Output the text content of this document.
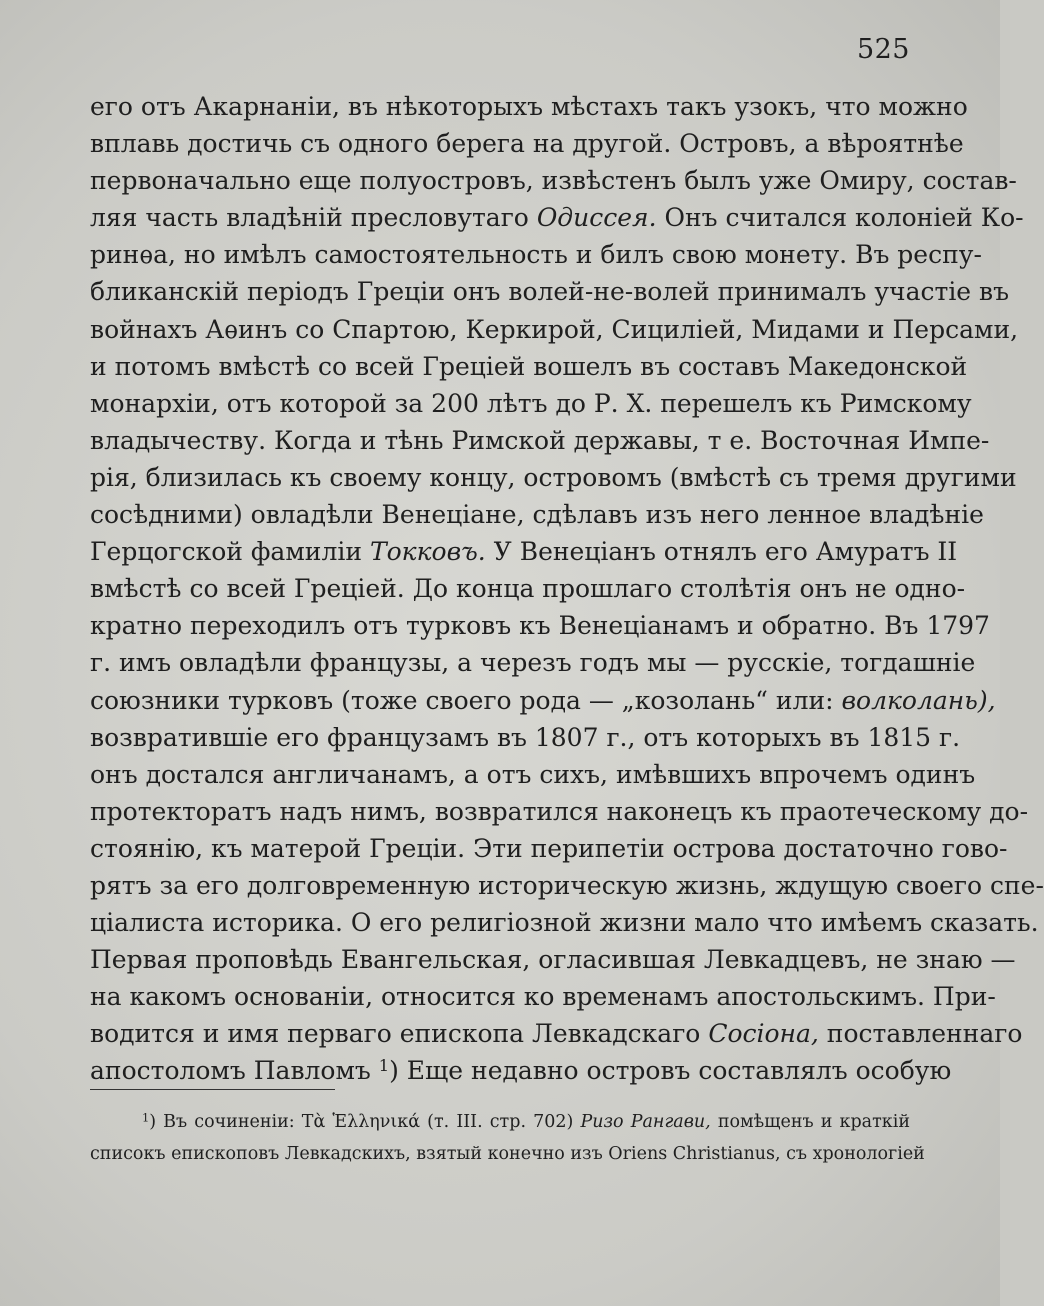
525
его отъ Акарнаніи, въ нѣкоторыхъ мѣстахъ такъ узокъ, что можно
вплавь достичь съ одного берега на другой. Островъ, а вѣроятнѣе
первоначально еще полуостровъ, извѣстенъ былъ уже Омиру, состав-
ляя часть владѣній пресловутаго Одиссея. Онъ считался колоніей Ко-
ринѳа, но имѣлъ самостоятельность и билъ свою монету. Въ респу-
бликанскій періодъ Греціи онъ волей-не-волей принималъ участіе въ
войнахъ Аѳинъ со Спартою, Керкирой, Сициліей, Мидами и Персами,
и потомъ вмѣстѣ со всей Греціей вошелъ въ составъ Македонской
монархіи, отъ которой за 200 лѣтъ до Р. Х. перешелъ къ Римскому
владычеству. Когда и тѣнь Римской державы, т е. Восточная Импе-
рія, близилась къ своему концу, островомъ (вмѣстѣ съ тремя другими
сосѣдними) овладѣли Венеціане, сдѣлавъ изъ него ленное владѣніе
Герцогской фамиліи Токковъ. У Венеціанъ отнялъ его Амуратъ II
вмѣстѣ со всей Греціей. До конца прошлаго столѣтія онъ не одно-
кратно переходилъ отъ турковъ къ Венеціанамъ и обратно. Въ 1797
г. имъ овладѣли французы, а черезъ годъ мы — русскіе, тогдашніе
союзники турковъ (тоже своего рода — „козолань“ или: волколань),
возвратившіе его французамъ въ 1807 г., отъ которыхъ въ 1815 г.
онъ достался англичанамъ, а отъ сихъ, имѣвшихъ впрочемъ одинъ
протекторатъ надъ нимъ, возвратился наконецъ къ праотеческому до-
стоянію, къ матерой Греціи. Эти перипетіи острова достаточно гово-
рятъ за его долговременную историческую жизнь, ждущую своего спе-
ціалиста историка. О его религіозной жизни мало что имѣемъ сказать.
Первая проповѣдь Евангельская, огласившая Левкадцевъ, не знаю —
на какомъ основаніи, относится ко временамъ апостольскимъ. При-
водится и имя перваго епископа Левкадскаго Сосіона, поставленнаго
апостоломъ Павломъ $^1$) Еще недавно островъ составлялъ особую
$^1$) Въ сочиненіи: Τὰ Ἑλληνικά (т. III. стр. 702) Ризо Рангави, помѣщенъ и краткій
списокъ епископовъ Левкадскихъ, взятый конечно изъ Oriens Christianus, съ хронологіей
